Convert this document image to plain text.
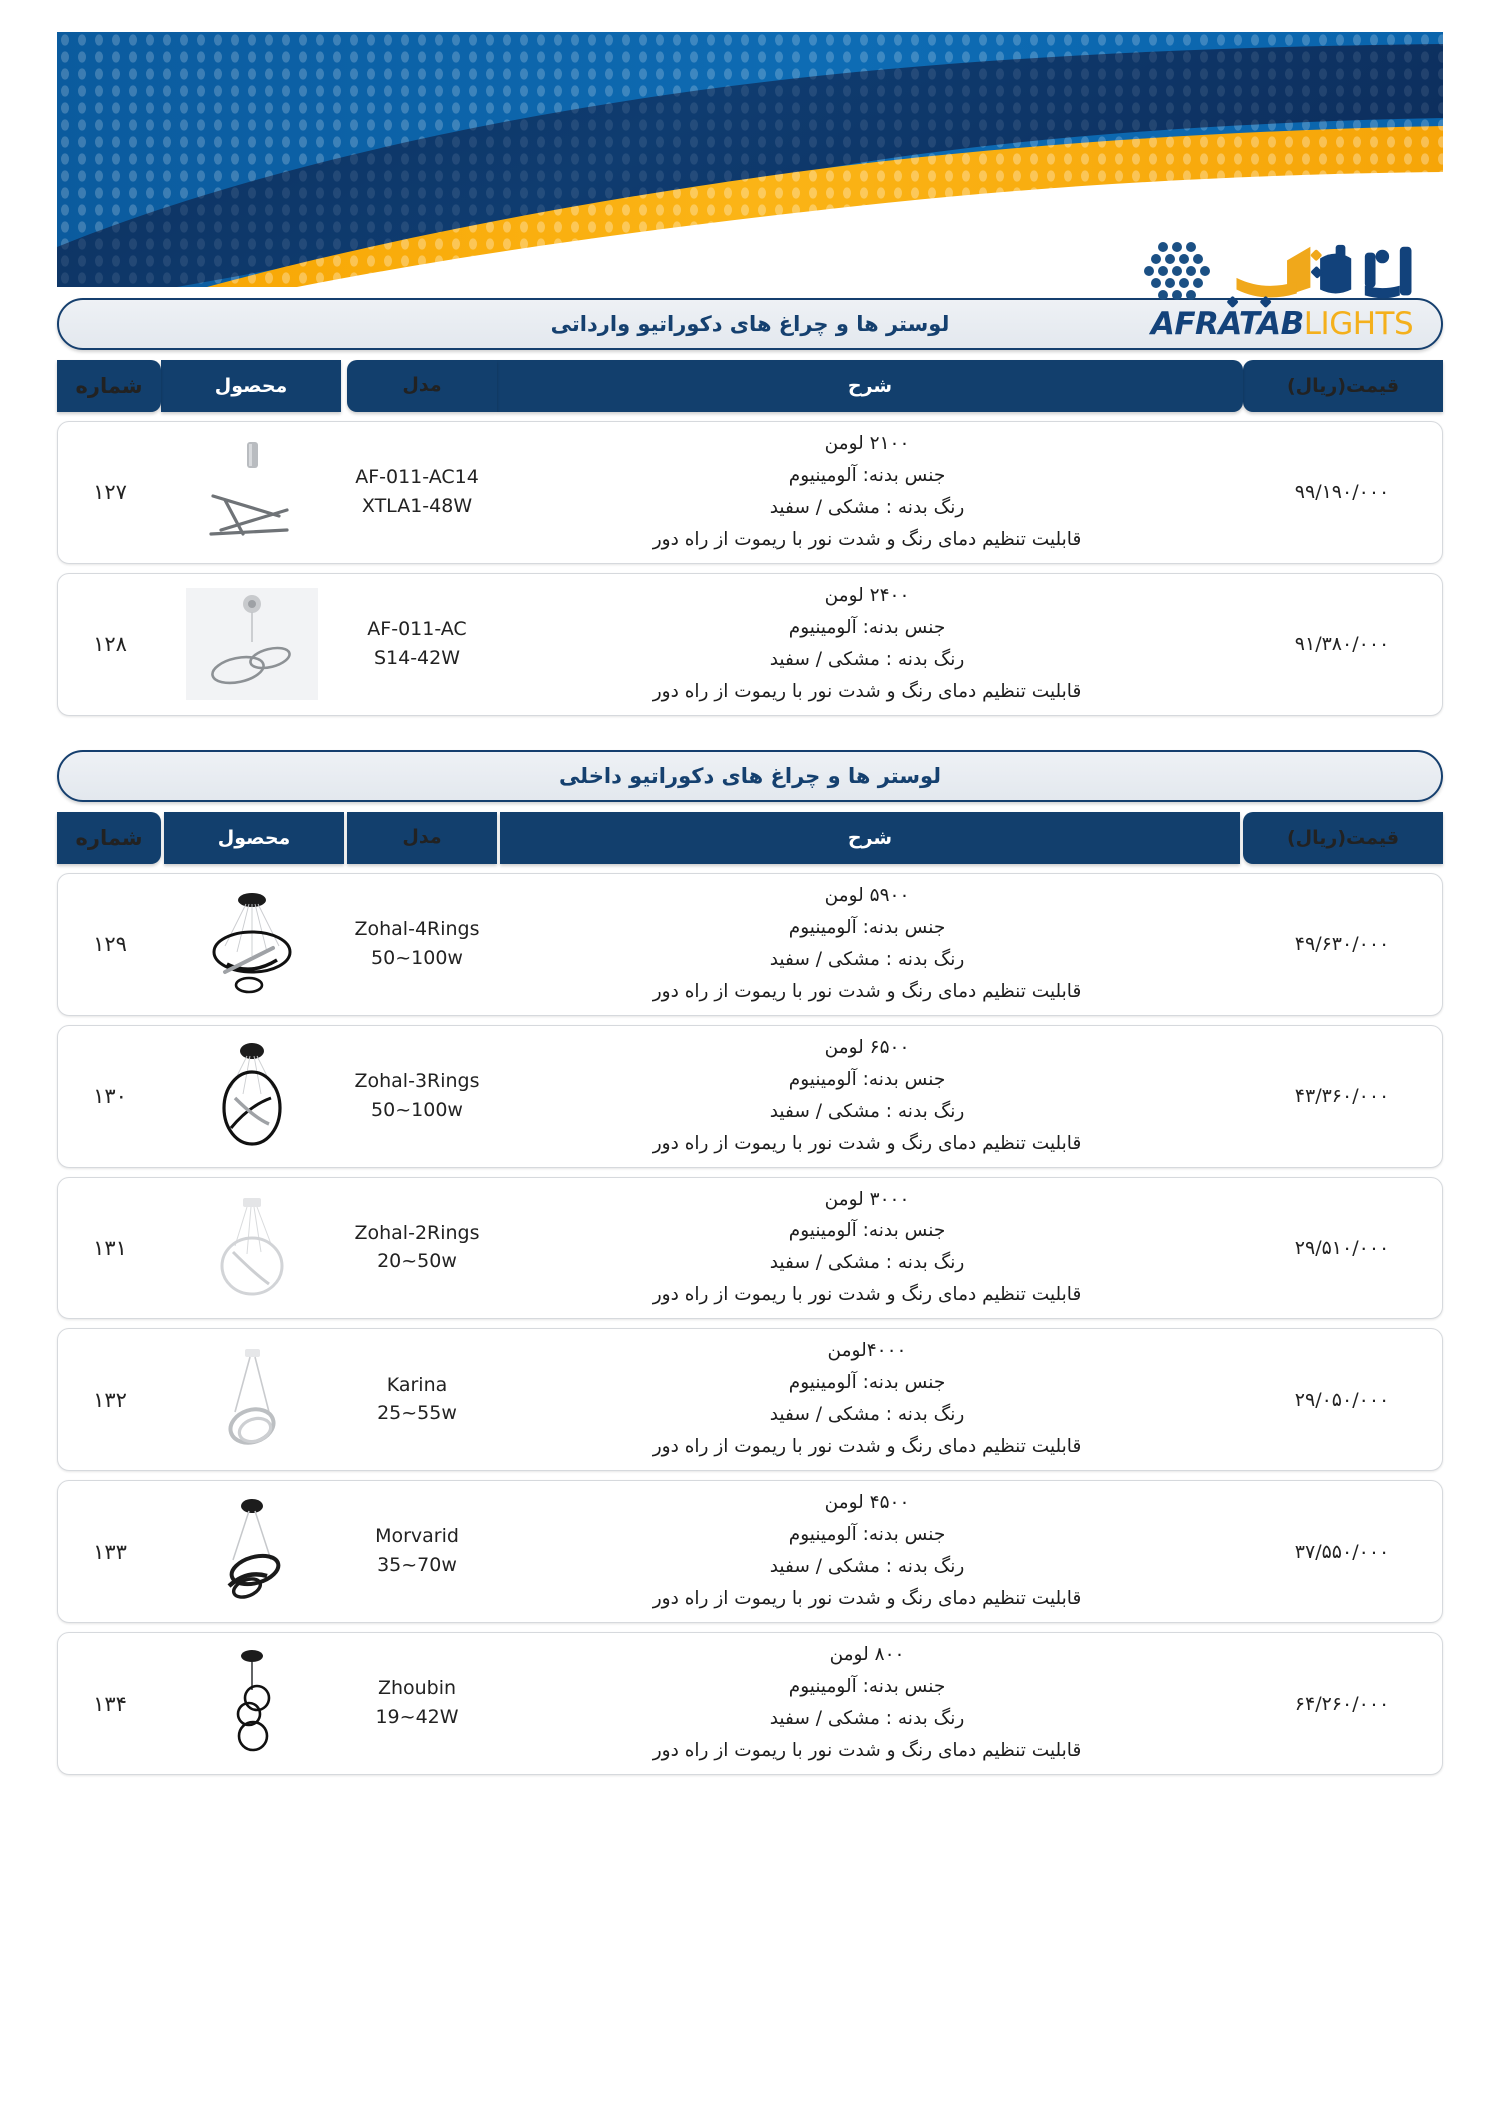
AFRATABLIGHTS
لوستر ها و چراغ های دکوراتیو وارداتی
قیمت(ریال)
شرح
مدل
محصول
شماره
۹۹/۱۹۰/۰۰۰
۲۱۰۰ لومن
جنس بدنه: آلومینیوم
رنگ بدنه : مشکی / سفید
قابلیت تنظیم دمای رنگ و شدت نور با ریموت از راه دور
AF-011-AC14
XTLA1-48W
۱۲۷
۹۱/۳۸۰/۰۰۰
۲۴۰۰ لومن
جنس بدنه: آلومینیوم
رنگ بدنه : مشکی / سفید
قابلیت تنظیم دمای رنگ و شدت نور با ریموت از راه دور
AF-011-AC
S14-42W
۱۲۸
لوستر ها و چراغ های دکوراتیو داخلی
قیمت(ریال)
شرح
مدل
محصول
شماره
۴۹/۶۳۰/۰۰۰
۵۹۰۰ لومن
جنس بدنه: آلومینیوم
رنگ بدنه : مشکی / سفید
قابلیت تنظیم دمای رنگ و شدت نور با ریموت از راه دور
Zohal-4Rings
50~100w
۱۲۹
۴۳/۳۶۰/۰۰۰
۶۵۰۰ لومن
جنس بدنه: آلومینیوم
رنگ بدنه : مشکی / سفید
قابلیت تنظیم دمای رنگ و شدت نور با ریموت از راه دور
Zohal-3Rings
50~100w
۱۳۰
۲۹/۵۱۰/۰۰۰
۳۰۰۰ لومن
جنس بدنه: آلومینیوم
رنگ بدنه : مشکی / سفید
قابلیت تنظیم دمای رنگ و شدت نور با ریموت از راه دور
Zohal-2Rings
20~50w
۱۳۱
۲۹/۰۵۰/۰۰۰
۴۰۰۰لومن
جنس بدنه: آلومینیوم
رنگ بدنه : مشکی / سفید
قابلیت تنظیم دمای رنگ و شدت نور با ریموت از راه دور
Karina
25~55w
۱۳۲
۳۷/۵۵۰/۰۰۰
۴۵۰۰ لومن
جنس بدنه: آلومینیوم
رنگ بدنه : مشکی / سفید
قابلیت تنظیم دمای رنگ و شدت نور با ریموت از راه دور
Morvarid
35~70w
۱۳۳
۶۴/۲۶۰/۰۰۰
۸۰۰ لومن
جنس بدنه: آلومینیوم
رنگ بدنه : مشکی / سفید
قابلیت تنظیم دمای رنگ و شدت نور با ریموت از راه دور
Zhoubin
19~42W
۱۳۴
